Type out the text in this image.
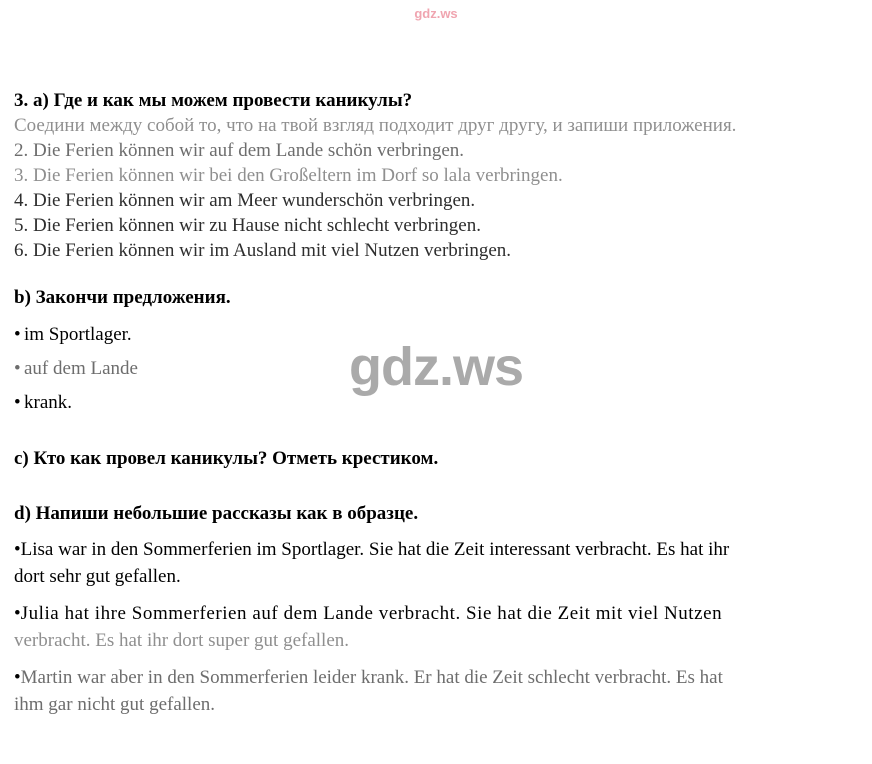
gdz.ws
gdz.ws

3. a) Где и как мы можем провести каникулы?

Соедини между собой то, что на твой взгляд подходит друг другу, и запиши приложения.

2. Die Ferien können wir auf dem Lande schön verbringen.

3. Die Ferien können wir bei den Großeltern im Dorf so lala verbringen.

4. Die Ferien können wir am Meer wunderschön verbringen.

5. Die Ferien können wir zu Hause nicht schlecht verbringen.

6. Die Ferien können wir im Ausland mit viel Nutzen verbringen.

b) Закончи предложения.

• im Sportlager.

• auf dem Lande

• krank.

c) Кто как провел каникулы? Отметь крестиком.

d) Напиши небольшие рассказы как в образце.

• Lisa war in den Sommerferien im Sportlager. Sie hat die Zeit interessant verbracht. Es hat ihr
dort sehr gut gefallen.
• Julia hat ihre Sommerferien auf dem Lande verbracht. Sie hat die Zeit mit viel Nutzen
verbracht. Es hat ihr dort super gut gefallen.
• Martin war aber in den Sommerferien leider krank. Er hat die Zeit schlecht verbracht. Es hat
ihm gar nicht gut gefallen.
